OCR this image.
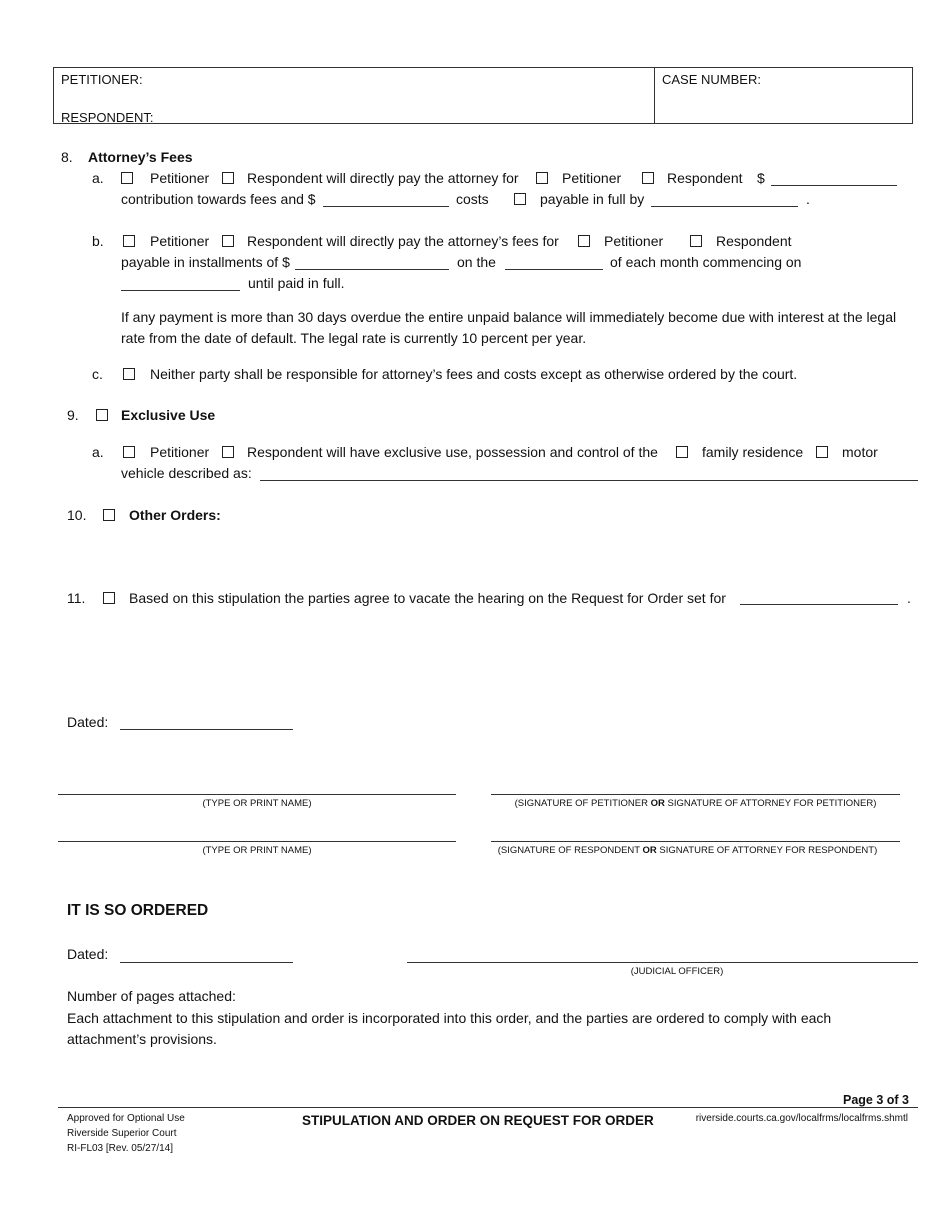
PETITIONER:
RESPONDENT:
CASE NUMBER:
8. Attorney’s Fees
a.	Petitioner	Respondent will directly pay the attorney for	Petitioner	Respondent $
contribution towards fees and $	costs	payable in full by	.
b.	Petitioner	Respondent will directly pay the attorney’s fees for	Petitioner	Respondent
payable in installments of $	on the	of each month commencing on
until paid in full.
If any payment is more than 30 days overdue the entire unpaid balance will immediately become due with interest at the legal rate from the date of default. The legal rate is currently 10 percent per year.
c.	Neither party shall be responsible for attorney’s fees and costs except as otherwise ordered by the court.
9.	Exclusive Use
a.	Petitioner	Respondent will have exclusive use, possession and control of the	family residence	motor
vehicle described as:
10.	Other Orders:
11.	Based on this stipulation the parties agree to vacate the hearing on the Request for Order set for	.
Dated:
(TYPE OR PRINT NAME)	(SIGNATURE OF PETITIONER OR SIGNATURE OF ATTORNEY FOR PETITIONER)
(TYPE OR PRINT NAME)	(SIGNATURE OF RESPONDENT OR SIGNATURE OF ATTORNEY FOR RESPONDENT)
IT IS SO ORDERED
Dated:
(JUDICIAL OFFICER)
Number of pages attached:
Each attachment to this stipulation and order is incorporated into this order, and the parties are ordered to comply with each attachment’s provisions.
Page 3 of 3
Approved for Optional Use
Riverside Superior Court
RI-FL03 [Rev. 05/27/14]
STIPULATION AND ORDER ON REQUEST FOR ORDER	riverside.courts.ca.gov/localfrms/localfrms.shmtl
